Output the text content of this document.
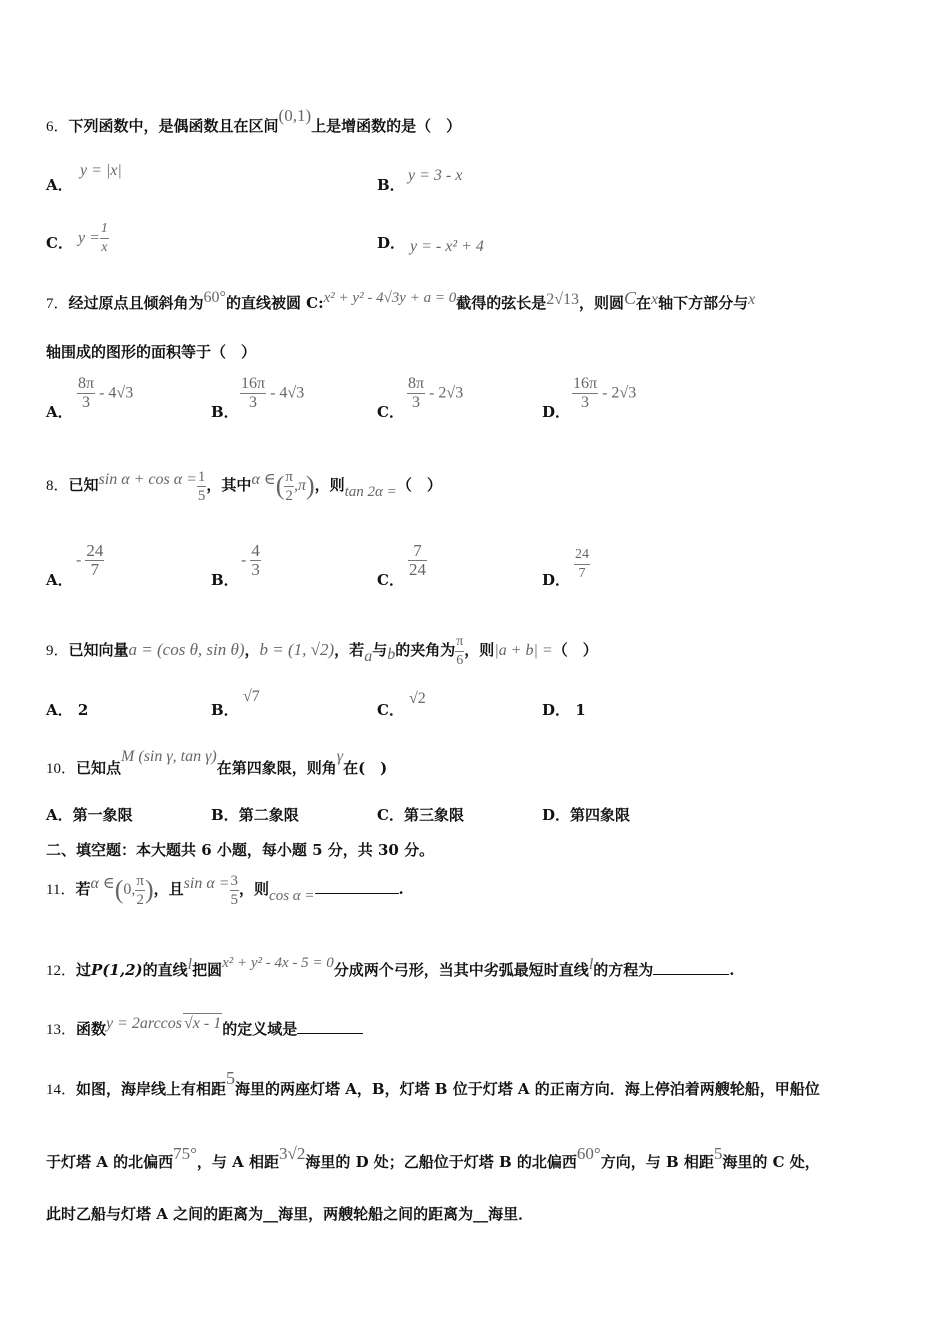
6．下列函数中，是偶函数且在区间(0,1)上是增函数的是（　）
A．
y = |x|
B．
y = 3 - x
C． $y = \frac{1}{x}$	D． y = - x² + 4
7．经过原点且倾斜角为60°的直线被圆 C:x² + y² - 4√3y + a = 0截得的弦长是2√13，则圆C在x轴下方部分与x
轴围成的图形的面积等于（　）
A． $\frac{8\pi}{3} - 4√3$
B． $\frac{16\pi}{3} - 4√3$
C． $\frac{8\pi}{3} - 2√3$
D． $\frac{16\pi}{3} - 2√3$
8．已知$\sin \alpha + \cos \alpha = \frac{1}{5}$ ，其中α ∈( $\frac{\pi}{2} ,\pi$)，则tan 2α =（　）
A．
- $\frac{24}{7}$
B．
- $\frac{4}{3}$
C．
$\frac{7}{24}$
D． $\frac{24}{7}$
9．已知向量a = (cos θ, sin θ)，b = (1, √2)，若a与b的夹角为 $\frac{\pi}{6}$ ，则|a + b| =（　）
A． 2	B．
√7
C．
√2
D． 1
10．已知点M (sin γ, tan γ)在第四象限，则角γ在(　)
A．第一象限	B．第二象限	C．第三象限	D．第四象限
二、填空题：本大题共 6 小题，每小题 5 分，共 30 分。
11．若α ∈(0, $\frac{\pi}{2}$ )，且$\sin \alpha = \frac{3}{5}$ ，则cos α =	.
12．过P(1,2)的直线l把圆x² + y² - 4x - 5 = 0分成两个弓形，当其中劣弧最短时直线l的方程为	.
13．函数y = 2arccos √x - 1的定义域是
14．如图，海岸线上有相距5海里的两座灯塔 A，B，灯塔 B 位于灯塔 A 的正南方向．海上停泊着两艘轮船，甲船位
于灯塔 A 的北偏西75°，与 A 相距3√2海里的 D 处；乙船位于灯塔 B 的北偏西60°方向，与 B 相距5海里的 C 处，
此时乙船与灯塔 A 之间的距离为__海里，两艘轮船之间的距离为__海里．
